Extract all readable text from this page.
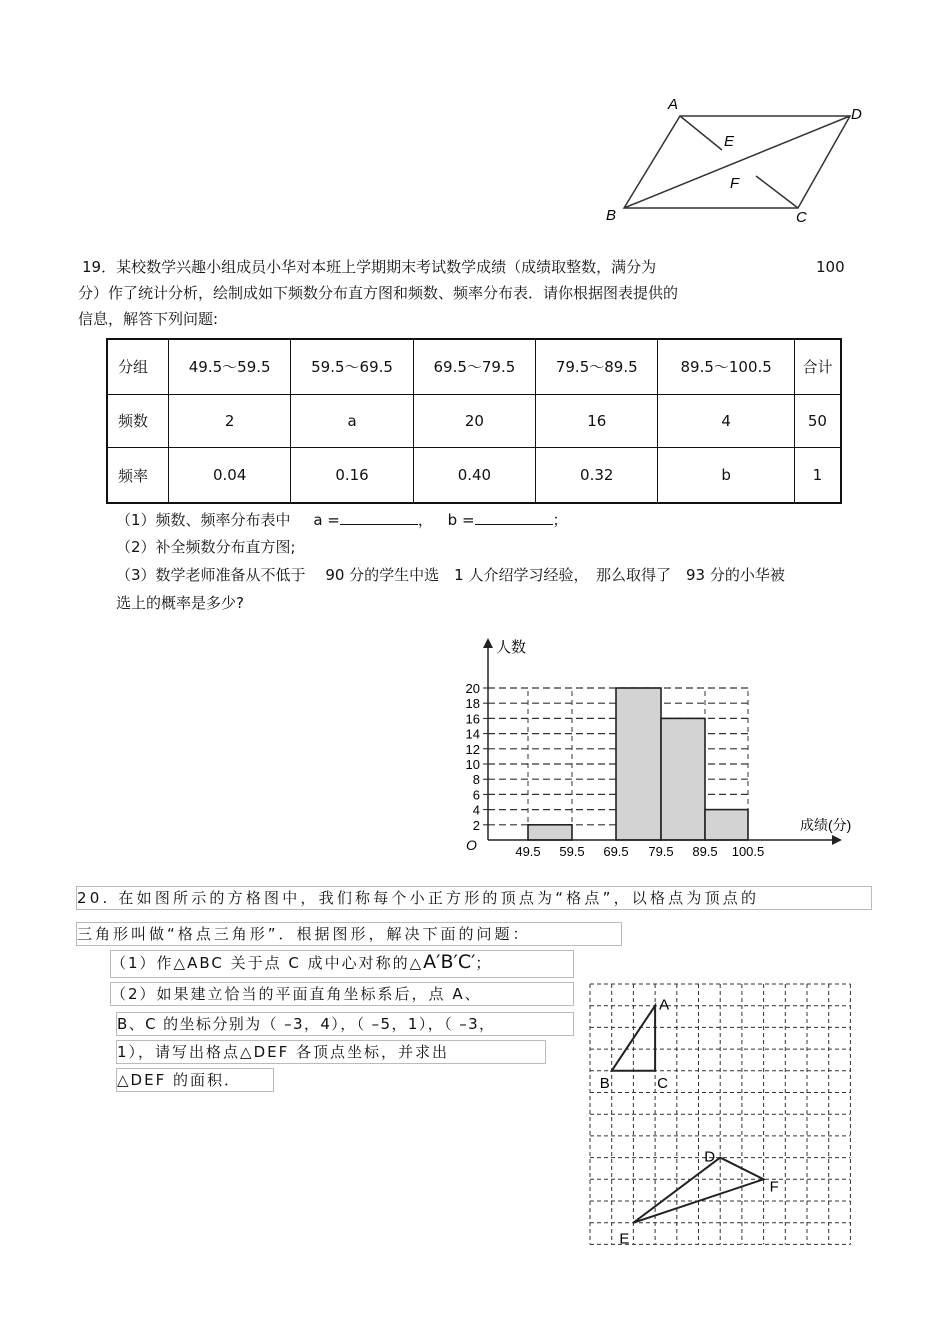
A
D
E
F
B	C
19．某校数学兴趣小组成员小华对本班上学期期末考试数学成绩（成绩取整数，满分为	100
分）作了统计分析，绘制成如下频数分布直方图和频数、频率分布表．请你根据图表提供的
信息，解答下列问题:
分组	49.5～59.5	59.5～69.5	69.5～79.5	79.5～89.5	89.5～100.5	合计
频数	2	a	20	16	4	50
频率	0.04	0.16	0.40	0.32	b	1
（1）频数、频率分布表中 a =	， b =	；
（2）补全频数分布直方图;
（3）数学老师准备从不低于　 90 分的学生中选　1 人介绍学习经验，　那么取得了　93 分的小华被
选上的概率是多少?
2
4
6
8
10
12
14
16
18
20
人数
成绩(分)
O	49.5 59.5 69.5 79.5 89.5 100.5
20. 在如图所示的方格图中，我们称每个小正方形的顶点为“格点”，以格点为顶点的
三角形叫做“格点三角形”．根据图形，解决下面的问题：
（1）作△ABC 关于点 C 成中心对称的△A′B′C′；
（2）如果建立恰当的平面直角坐标系后，点 A、
B、C 的坐标分别为（ –3，4），（ –5，1），（ –3，
1），请写出格点△DEF 各顶点坐标，并求出
△DEF 的面积．
A
B	C
D
E
F
